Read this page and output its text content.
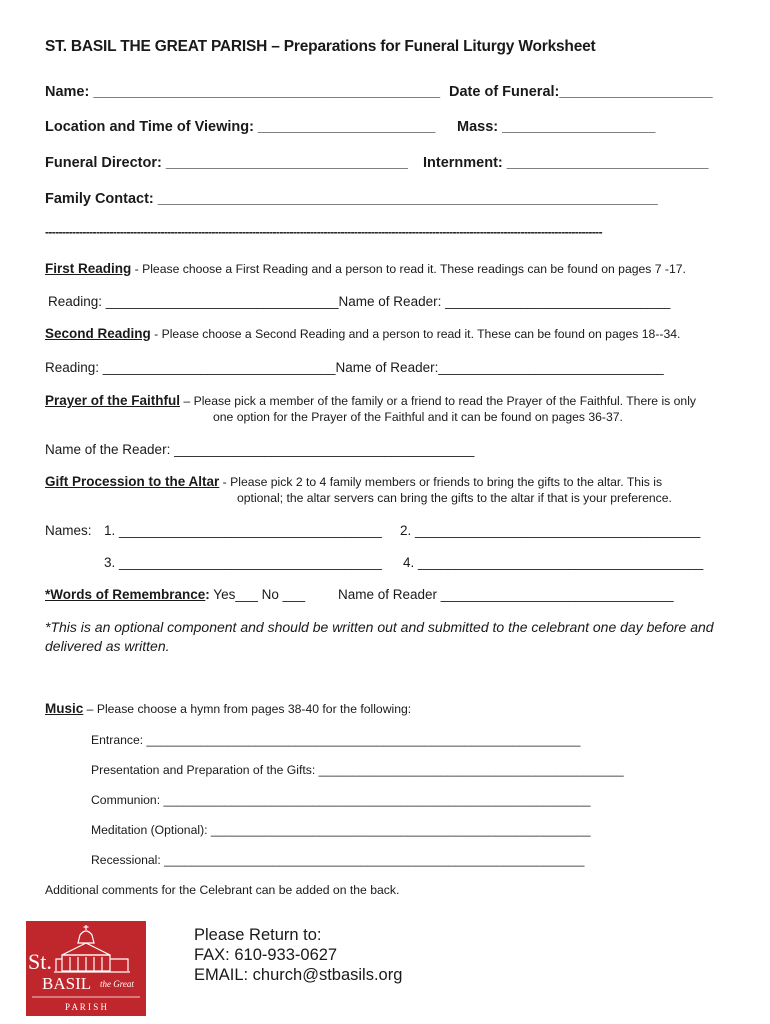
ST. BASIL THE GREAT PARISH – Preparations for Funeral Liturgy Worksheet
Name: ___________________________________________ Date of Funeral:___________________
Location and Time of Viewing: ______________________ Mass: ___________________
Funeral Director: ______________________________ Internment: _________________________
Family Contact: ______________________________________________________________
--------------------------------------------------------------------------------------------------------------------------------------------------------------------
First Reading - Please choose a First Reading and a person to read it. These readings can be found on pages 7 -17.
Reading: _______________________________Name of Reader: ______________________________
Second Reading - Please choose a Second Reading and a person to read it. These can be found on pages 18--34.
Reading: _______________________________Name of Reader:______________________________
Prayer of the Faithful – Please pick a member of the family or a friend to read the Prayer of the Faithful. There is only
one option for the Prayer of the Faithful and it can be found on pages 36-37.
Name of the Reader: ________________________________________
Gift Procession to the Altar - Please pick 2 to 4 family members or friends to bring the gifts to the altar. This is
optional; the altar servers can bring the gifts to the altar if that is your preference.
Names: 1. ___________________________________ 2. ______________________________________
3. ___________________________________ 4. ______________________________________
*Words of Remembrance: Yes___ No ___ Name of Reader _______________________________
*This is an optional component and should be written out and submitted to the celebrant one day before and
delivered as written.
Music – Please choose a hymn from pages 38-40 for the following:
Entrance: ________________________________________________________________
Presentation and Preparation of the Gifts: _____________________________________________
Communion: _______________________________________________________________
Meditation (Optional): ________________________________________________________
Recessional: ______________________________________________________________
Additional comments for the Celebrant can be added on the back.
St.
BASIL the Great
P A R I S H
Please Return to:
FAX: 610-933-0627
EMAIL: church@stbasils.org
